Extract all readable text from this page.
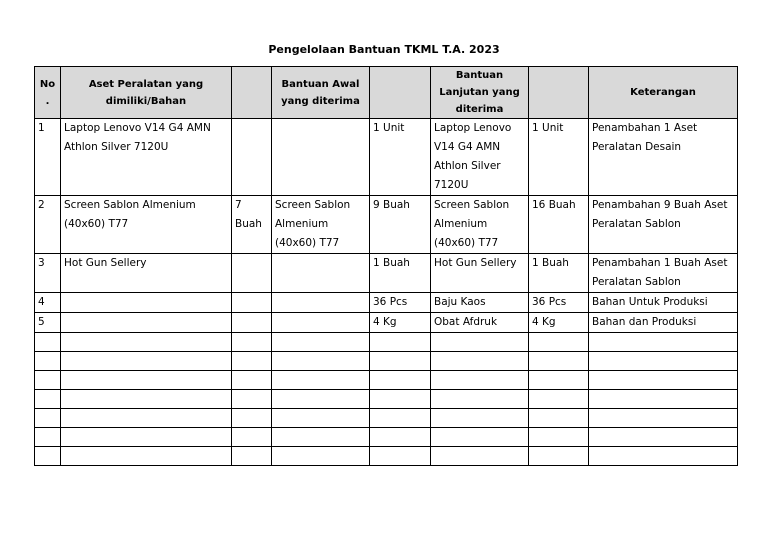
Pengelolaan Bantuan TKML T.A. 2023
No .	Aset Peralatan yang dimiliki/Bahan		Bantuan Awal yang diterima		Bantuan Lanjutan yang diterima		Keterangan
1	Laptop Lenovo V14 G4 AMN Athlon Silver 7120U			1 Unit	Laptop Lenovo V14 G4 AMN Athlon Silver 7120U	1 Unit	Penambahan 1 Aset Peralatan Desain
2	Screen Sablon Almenium (40x60) T77	7 Buah	Screen Sablon Almenium (40x60) T77	9 Buah	Screen Sablon Almenium (40x60) T77	16 Buah	Penambahan 9 Buah Aset Peralatan Sablon
3	Hot Gun Sellery			1 Buah	Hot Gun Sellery	1 Buah	Penambahan 1 Buah Aset Peralatan Sablon
4				36 Pcs	Baju Kaos	36 Pcs	Bahan Untuk Produksi
5				4 Kg	Obat Afdruk	4 Kg	Bahan dan Produksi
